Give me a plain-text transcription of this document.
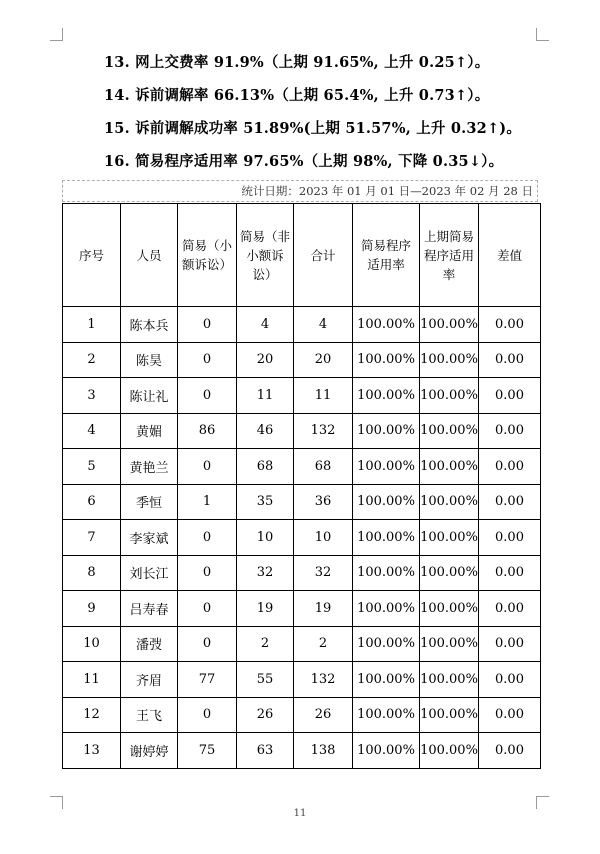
13. 网上交费率 91.9%（上期 91.65%, 上升 0.25↑）。
14. 诉前调解率 66.13%（上期 65.4%, 上升 0.73↑）。
15. 诉前调解成功率 51.89%(上期 51.57%, 上升 0.32↑)。
16. 简易程序适用率 97.65%（上期 98%, 下降 0.35↓）。
统计日期：2023 年 01 月 01 日—2023 年 02 月 28 日
序号	人员	简易（小额诉讼）	简易（非小额诉讼）	合计	简易程序适用率	上期简易程序适用率	差值
1	陈本兵	0	4	4	100.00%	100.00%	0.00
2	陈昊	0	20	20	100.00%	100.00%	0.00
3	陈让礼	0	11	11	100.00%	100.00%	0.00
4	黄媚	86	46	132	100.00%	100.00%	0.00
5	黄艳兰	0	68	68	100.00%	100.00%	0.00
6	季恒	1	35	36	100.00%	100.00%	0.00
7	李家斌	0	10	10	100.00%	100.00%	0.00
8	刘长江	0	32	32	100.00%	100.00%	0.00
9	吕寿春	0	19	19	100.00%	100.00%	0.00
10	潘弢	0	2	2	100.00%	100.00%	0.00
11	齐眉	77	55	132	100.00%	100.00%	0.00
12	王飞	0	26	26	100.00%	100.00%	0.00
13	谢婷婷	75	63	138	100.00%	100.00%	0.00
11
